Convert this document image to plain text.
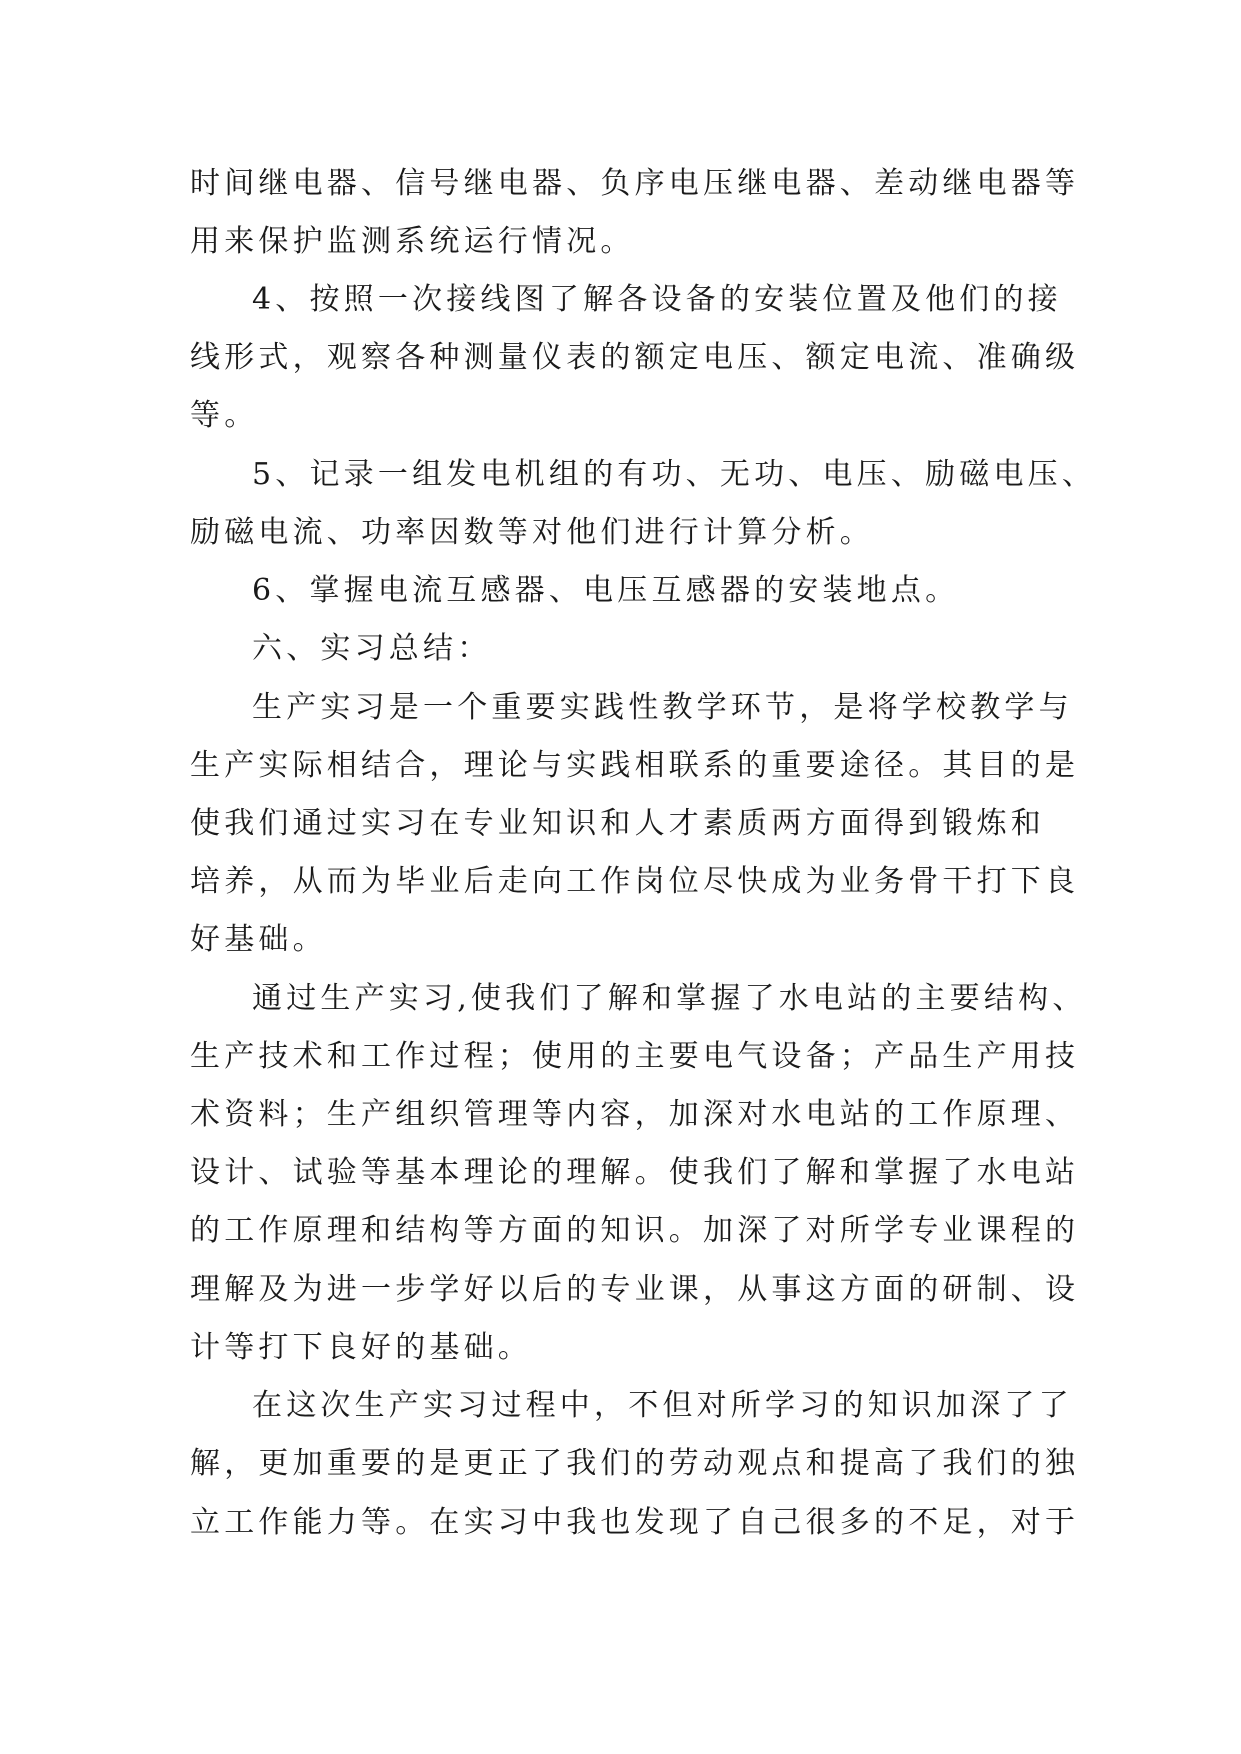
时间继电器、信号继电器、负序电压继电器、差动继电器等

用来保护监测系统运行情况。

4、按照一次接线图了解各设备的安装位置及他们的接

线形式，观察各种测量仪表的额定电压、额定电流、准确级

等。

5、记录一组发电机组的有功、无功、电压、励磁电压、

励磁电流、功率因数等对他们进行计算分析。

6、掌握电流互感器、电压互感器的安装地点。

六、实习总结：

生产实习是一个重要实践性教学环节，是将学校教学与

生产实际相结合，理论与实践相联系的重要途径。其目的是

使我们通过实习在专业知识和人才素质两方面得到锻炼和

培养，从而为毕业后走向工作岗位尽快成为业务骨干打下良

好基础。

通过生产实习,使我们了解和掌握了水电站的主要结构、

生产技术和工作过程；使用的主要电气设备；产品生产用技

术资料；生产组织管理等内容，加深对水电站的工作原理、

设计、试验等基本理论的理解。使我们了解和掌握了水电站

的工作原理和结构等方面的知识。加深了对所学专业课程的

理解及为进一步学好以后的专业课，从事这方面的研制、设

计等打下良好的基础。

在这次生产实习过程中，不但对所学习的知识加深了了

解，更加重要的是更正了我们的劳动观点和提高了我们的独

立工作能力等。在实习中我也发现了自己很多的不足，对于
